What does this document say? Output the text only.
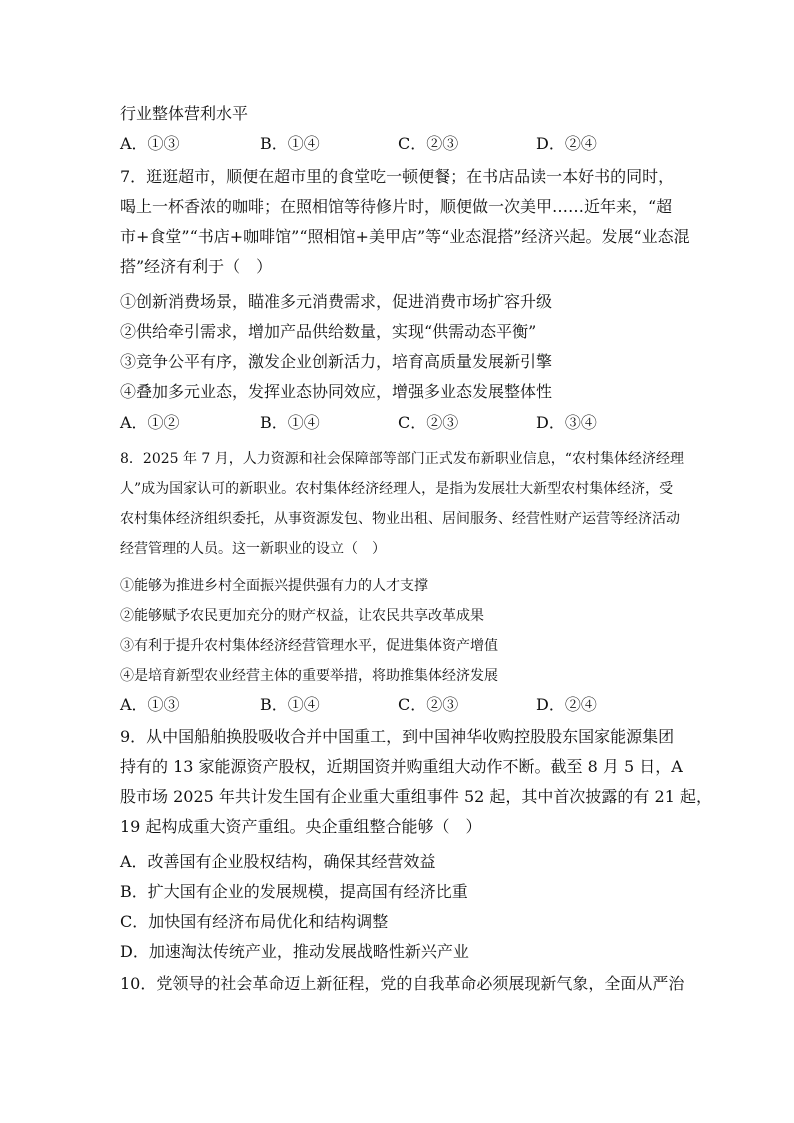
行业整体营利水平
A．①③	B．①④	C．②③	D．②④
7．逛逛超市，顺便在超市里的食堂吃一顿便餐；在书店品读一本好书的同时，
喝上一杯香浓的咖啡；在照相馆等待修片时，顺便做一次美甲……近年来，“超
市+食堂”“书店+咖啡馆”“照相馆+美甲店”等“业态混搭”经济兴起。发展“业态混
搭”经济有利于（　）
①创新消费场景，瞄准多元消费需求，促进消费市场扩容升级
②供给牵引需求，增加产品供给数量，实现“供需动态平衡”
③竞争公平有序，激发企业创新活力，培育高质量发展新引擎
④叠加多元业态，发挥业态协同效应，增强多业态发展整体性
A．①②	B．①④	C．②③	D．③④
8．2025 年 7 月，人力资源和社会保障部等部门正式发布新职业信息，“农村集体经济经理
人”成为国家认可的新职业。农村集体经济经理人，是指为发展壮大新型农村集体经济，受
农村集体经济组织委托，从事资源发包、物业出租、居间服务、经营性财产运营等经济活动
经营管理的人员。这一新职业的设立（　）
①能够为推进乡村全面振兴提供强有力的人才支撑
②能够赋予农民更加充分的财产权益，让农民共享改革成果
③有利于提升农村集体经济经营管理水平，促进集体资产增值
④是培育新型农业经营主体的重要举措，将助推集体经济发展
A．①③	B．①④	C．②③	D．②④
9．从中国船舶换股吸收合并中国重工，到中国神华收购控股股东国家能源集团
持有的 13 家能源资产股权，近期国资并购重组大动作不断。截至 8 月 5 日，A
股市场 2025 年共计发生国有企业重大重组事件 52 起，其中首次披露的有 21 起，
19 起构成重大资产重组。央企重组整合能够（　）
A．改善国有企业股权结构，确保其经营效益
B．扩大国有企业的发展规模，提高国有经济比重
C．加快国有经济布局优化和结构调整
D．加速淘汰传统产业，推动发展战略性新兴产业
10．党领导的社会革命迈上新征程，党的自我革命必须展现新气象，全面从严治
